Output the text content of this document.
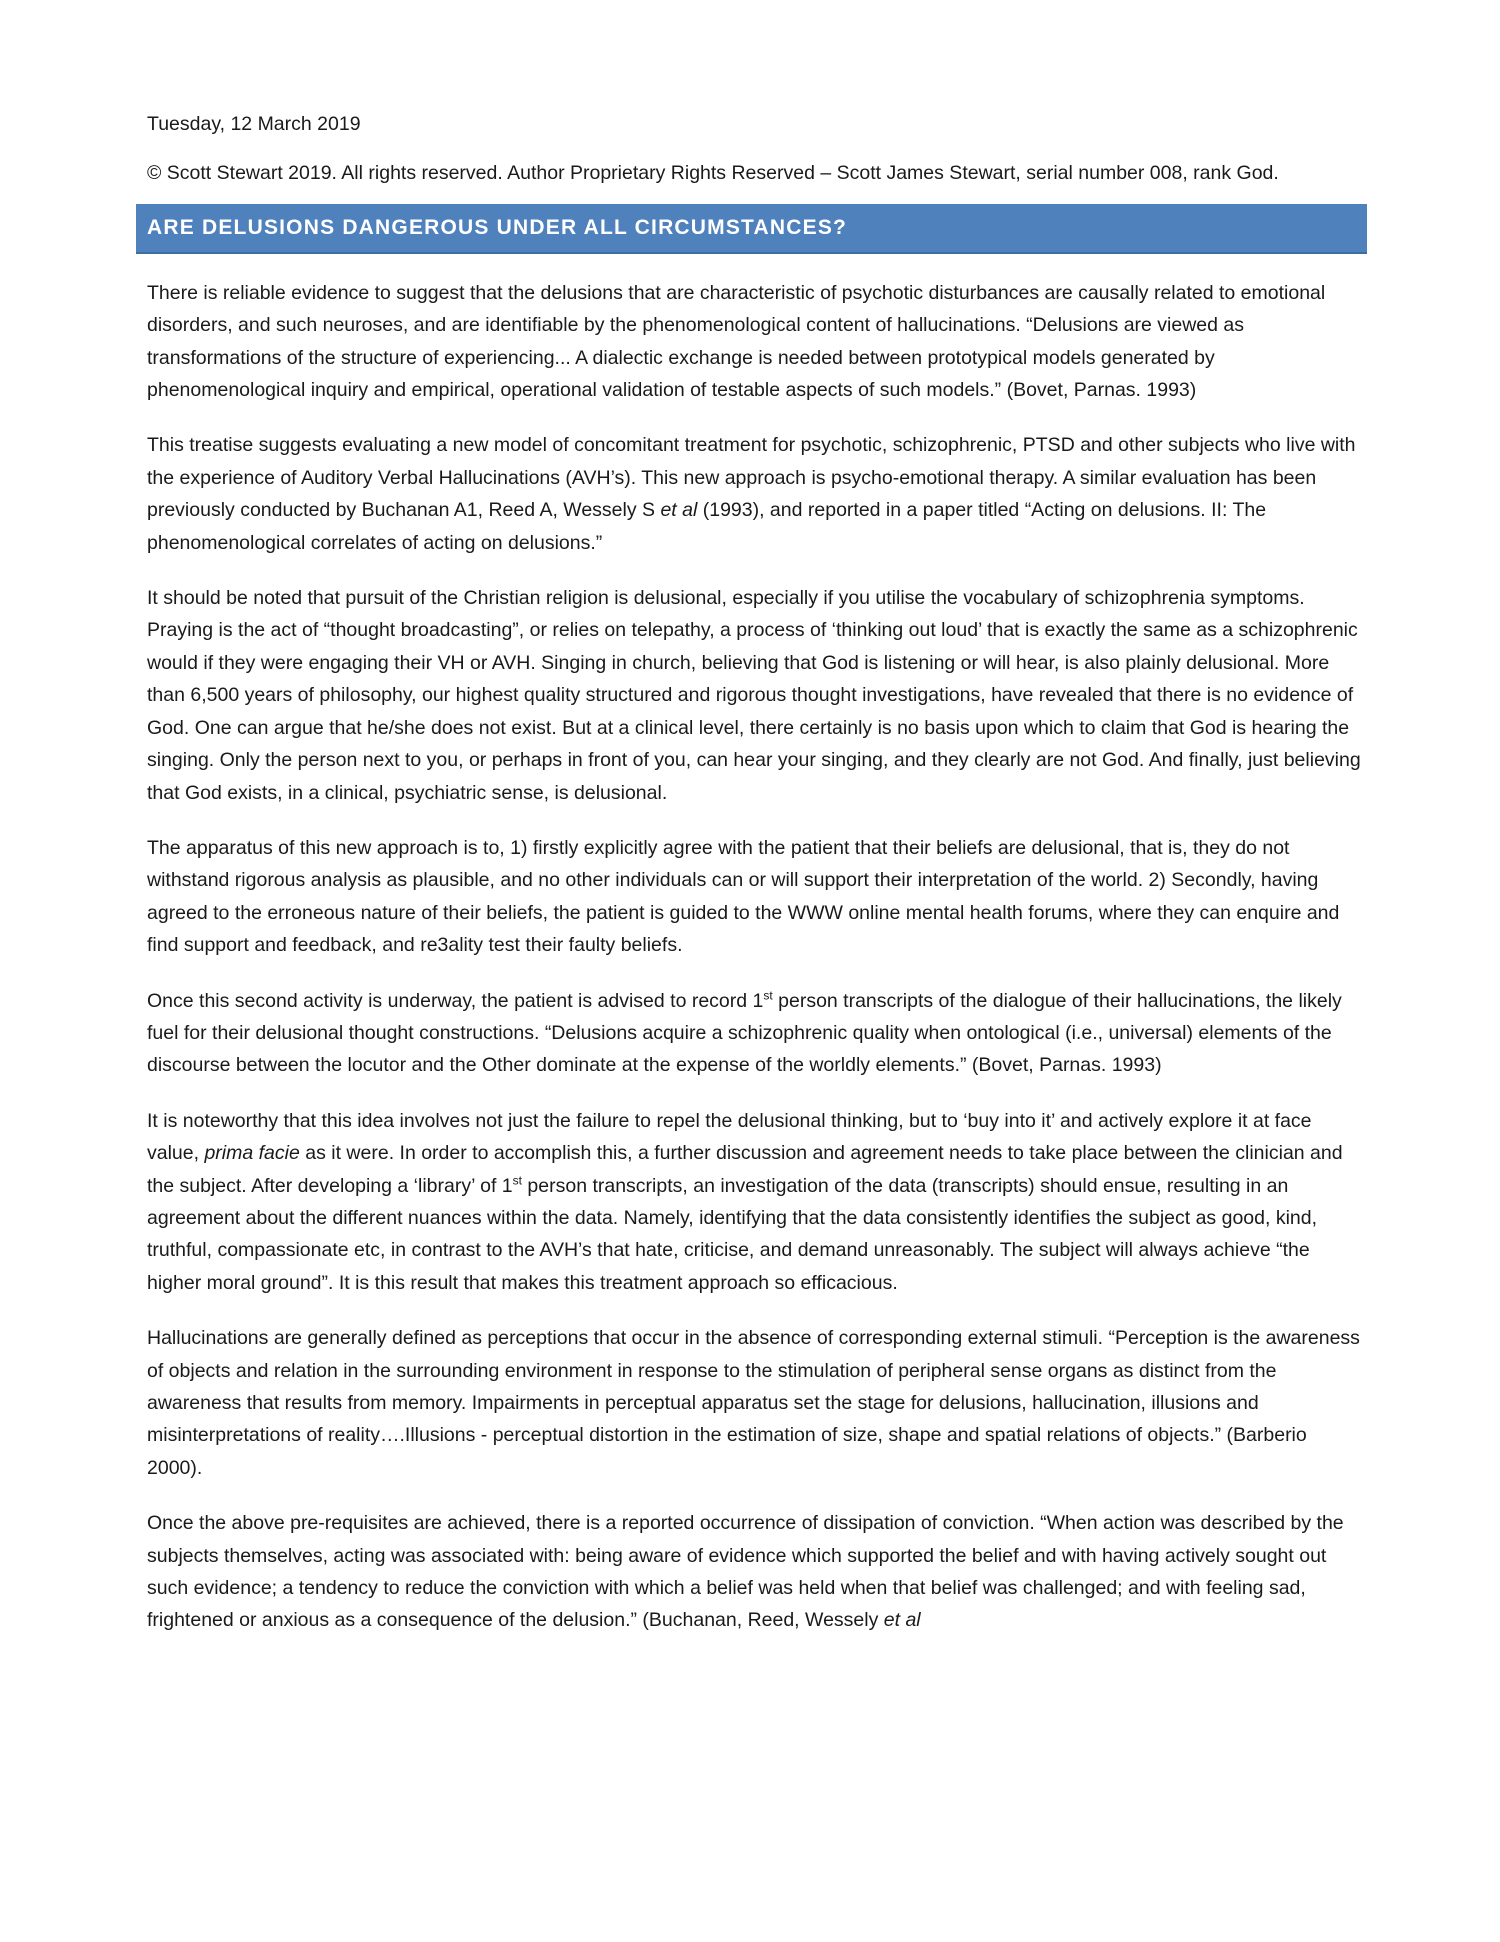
Tuesday, 12 March 2019

© Scott Stewart 2019. All rights reserved. Author Proprietary Rights Reserved – Scott James Stewart, serial number 008, rank God.

ARE DELUSIONS DANGEROUS UNDER ALL CIRCUMSTANCES?

There is reliable evidence to suggest that the delusions that are characteristic of psychotic disturbances are causally related to emotional disorders, and such neuroses, and are identifiable by the phenomenological content of hallucinations. “Delusions are viewed as transformations of the structure of experiencing... A dialectic exchange is needed between prototypical models generated by phenomenological inquiry and empirical, operational validation of testable aspects of such models.” (Bovet, Parnas. 1993)

This treatise suggests evaluating a new model of concomitant treatment for psychotic, schizophrenic, PTSD and other subjects who live with the experience of Auditory Verbal Hallucinations (AVH’s). This new approach is psycho-emotional therapy. A similar evaluation has been previously conducted by Buchanan A1, Reed A, Wessely S et al (1993), and reported in a paper titled “Acting on delusions. II: The phenomenological correlates of acting on delusions.”

It should be noted that pursuit of the Christian religion is delusional, especially if you utilise the vocabulary of schizophrenia symptoms. Praying is the act of “thought broadcasting”, or relies on telepathy, a process of ‘thinking out loud’ that is exactly the same as a schizophrenic would if they were engaging their VH or AVH. Singing in church, believing that God is listening or will hear, is also plainly delusional. More than 6,500 years of philosophy, our highest quality structured and rigorous thought investigations, have revealed that there is no evidence of God. One can argue that he/she does not exist. But at a clinical level, there certainly is no basis upon which to claim that God is hearing the singing. Only the person next to you, or perhaps in front of you, can hear your singing, and they clearly are not God. And finally, just believing that God exists, in a clinical, psychiatric sense, is delusional.

The apparatus of this new approach is to, 1) firstly explicitly agree with the patient that their beliefs are delusional, that is, they do not withstand rigorous analysis as plausible, and no other individuals can or will support their interpretation of the world. 2) Secondly, having agreed to the erroneous nature of their beliefs, the patient is guided to the WWW online mental health forums, where they can enquire and find support and feedback, and re3ality test their faulty beliefs.

Once this second activity is underway, the patient is advised to record 1st person transcripts of the dialogue of their hallucinations, the likely fuel for their delusional thought constructions. “Delusions acquire a schizophrenic quality when ontological (i.e., universal) elements of the discourse between the locutor and the Other dominate at the expense of the worldly elements.” (Bovet, Parnas. 1993)

It is noteworthy that this idea involves not just the failure to repel the delusional thinking, but to ‘buy into it’ and actively explore it at face value, prima facie as it were. In order to accomplish this, a further discussion and agreement needs to take place between the clinician and the subject. After developing a ‘library’ of 1st person transcripts, an investigation of the data (transcripts) should ensue, resulting in an agreement about the different nuances within the data. Namely, identifying that the data consistently identifies the subject as good, kind, truthful, compassionate etc, in contrast to the AVH’s that hate, criticise, and demand unreasonably. The subject will always achieve “the higher moral ground”. It is this result that makes this treatment approach so efficacious.

Hallucinations are generally defined as perceptions that occur in the absence of corresponding external stimuli. “Perception is the awareness of objects and relation in the surrounding environment in response to the stimulation of peripheral sense organs as distinct from the awareness that results from memory. Impairments in perceptual apparatus set the stage for delusions, hallucination, illusions and misinterpretations of reality….Illusions - perceptual distortion in the estimation of size, shape and spatial relations of objects.” (Barberio 2000).

Once the above pre-requisites are achieved, there is a reported occurrence of dissipation of conviction. “When action was described by the subjects themselves, acting was associated with: being aware of evidence which supported the belief and with having actively sought out such evidence; a tendency to reduce the conviction with which a belief was held when that belief was challenged; and with feeling sad, frightened or anxious as a consequence of the delusion.” (Buchanan, Reed, Wessely et al
